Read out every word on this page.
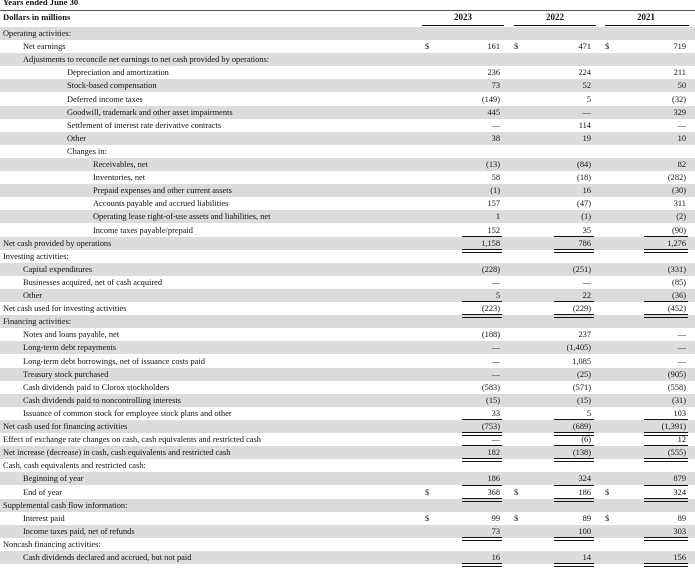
Years ended June 30
Dollars in millions	2023	2022	2021
Operating activities:
Net earnings	$	161 $	471 $	719
Adjustments to reconcile net earnings to net cash provided by operations:
Depreciation and amortization	236	224	211
Stock-based compensation	73	52	50
Deferred income taxes	(149)	5	(32)
Goodwill, trademark and other asset impairments	445	—	329
Settlement of interest rate derivative contracts	—	114	—
Other	38	19	10
Changes in:
Receivables, net	(13)	(84)	82
Inventories, net	58	(18)	(282)
Prepaid expenses and other current assets	(1)	16	(30)
Accounts payable and accrued liabilities	157	(47)	311
Operating lease right-of-use assets and liabilities, net	1	(1)	(2)
Income taxes payable/prepaid	152	35	(90)
Net cash provided by operations	1,158	786	1,276
Investing activities:
Capital expenditures	(228)	(251)	(331)
Businesses acquired, net of cash acquired	—	—	(85)
Other	5	22	(36)
Net cash used for investing activities	(223)	(229)	(452)
Financing activities:
Notes and loans payable, net	(188)	237	—
Long-term debt repayments	—	(1,405)	—
Long-term debt borrowings, net of issuance costs paid	—	1,085	—
Treasury stock purchased	—	(25)	(905)
Cash dividends paid to Clorox stockholders	(583)	(571)	(558)
Cash dividends paid to noncontrolling interests	(15)	(15)	(31)
Issuance of common stock for employee stock plans and other	33	5	103
Net cash used for financing activities	(753)	(689)	(1,391)
Effect of exchange rate changes on cash, cash equivalents and restricted cash	—	(6)	12
Net increase (decrease) in cash, cash equivalents and restricted cash	182	(138)	(555)
Cash, cash equivalents and restricted cash:
Beginning of year	186	324	879
End of year	$	368 $	186 $	324
Supplemental cash flow information:
Interest paid	$	99 $	89 $	89
Income taxes paid, net of refunds	73	100	303
Noncash financing activities:
Cash dividends declared and accrued, but not paid	16	14	156
